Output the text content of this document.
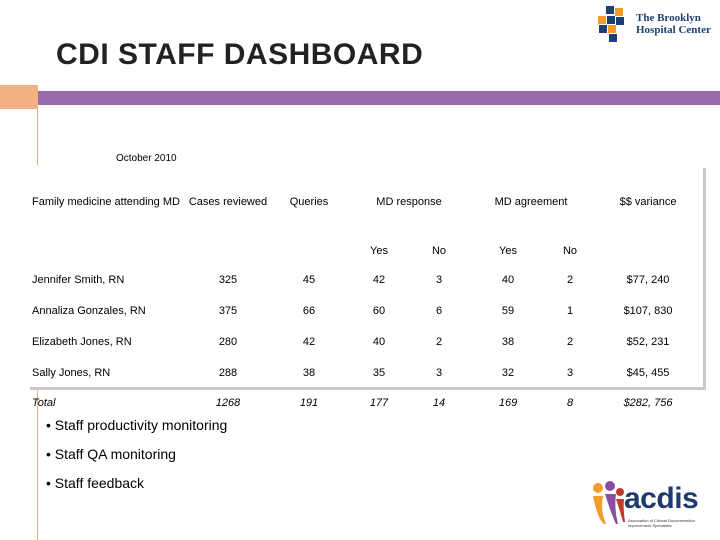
The Brooklyn
Hospital Center
CDI STAFF DASHBOARD
October 2010
Family medicine attending MD	Cases reviewed	Queries	MD response		MD agreement		$$ variance
			Yes	No	Yes	No	
Jennifer Smith, RN	325	45	42	3	40	2	$77, 240
Annaliza Gonzales, RN	375	66	60	6	59	1	$107, 830
Elizabeth Jones, RN	280	42	40	2	38	2	$52, 231
Sally Jones, RN	288	38	35	3	32	3	$45, 455
Total	1268	191	177	14	169	8	$282, 756
• Staff productivity monitoring
• Staff QA monitoring
• Staff feedback	acdis
Association of Clinical Documentation Improvement Specialists
